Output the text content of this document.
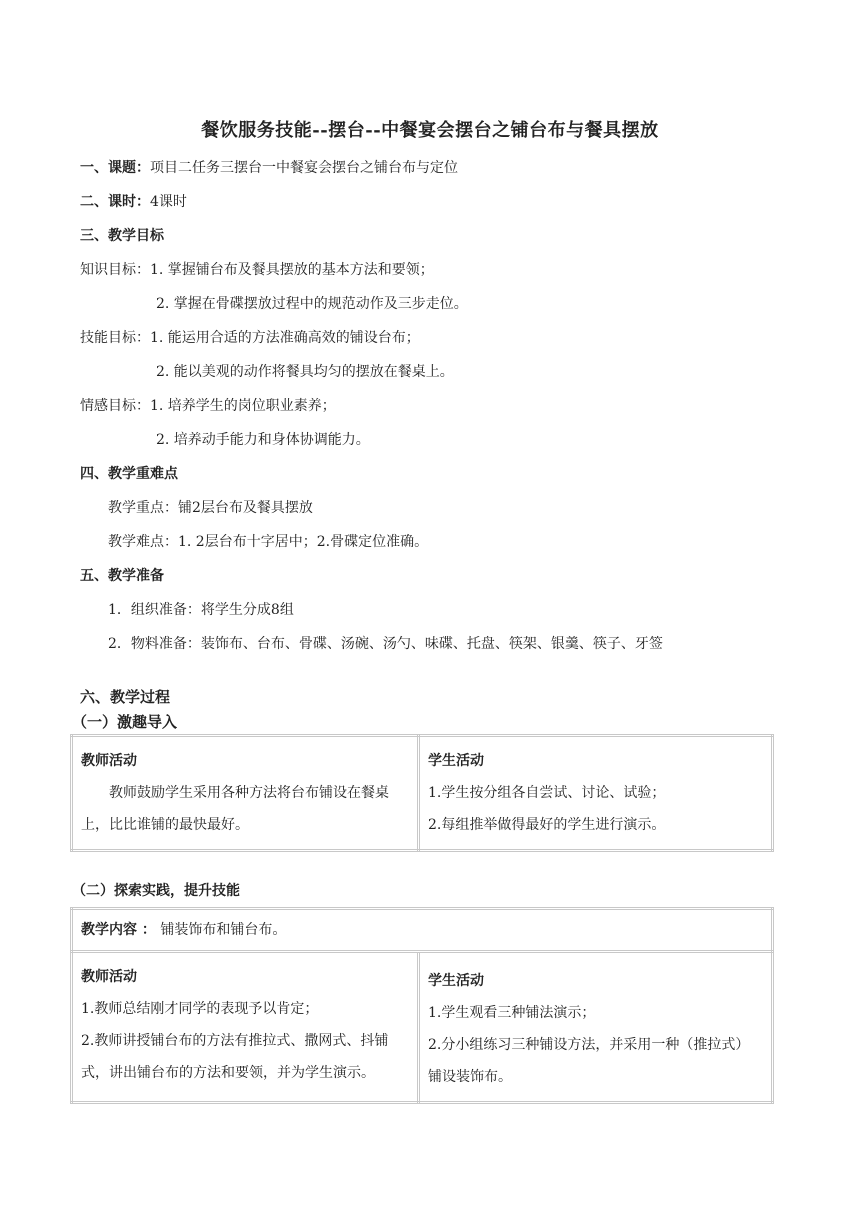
餐饮服务技能--摆台--中餐宴会摆台之铺台布与餐具摆放
一、课题：项目二任务三摆台一中餐宴会摆台之铺台布与定位
二、课时：4课时
三、教学目标
知识目标：1. 掌握铺台布及餐具摆放的基本方法和要领；
2. 掌握在骨碟摆放过程中的规范动作及三步走位。
技能目标：1. 能运用合适的方法准确高效的铺设台布；
2. 能以美观的动作将餐具均匀的摆放在餐桌上。
情感目标：1. 培养学生的岗位职业素养；
2. 培养动手能力和身体协调能力。
四、教学重难点
教学重点：铺2层台布及餐具摆放
教学难点：1. 2层台布十字居中；2.骨碟定位准确。
五、教学准备
1．组织准备：将学生分成8组
2．物料准备：装饰布、台布、骨碟、汤碗、汤勺、味碟、托盘、筷架、银羹、筷子、牙签
六、教学过程
（一）激趣导入
教师活动
教师鼓励学生采用各种方法将台布铺设在餐桌上，比比谁铺的最快最好。

学生活动
1.学生按分组各自尝试、讨论、试验；
2.每组推举做得最好的学生进行演示。
（二）探索实践，提升技能
教学内容 ： 铺装饰布和铺台布。

教师活动
1.教师总结刚才同学的表现予以肯定；
2.教师讲授铺台布的方法有推拉式、撒网式、抖铺式，讲出铺台布的方法和要领，并为学生演示。

学生活动
1.学生观看三种铺法演示；
2.分小组练习三种铺设方法，并采用一种（推拉式）铺设装饰布。
